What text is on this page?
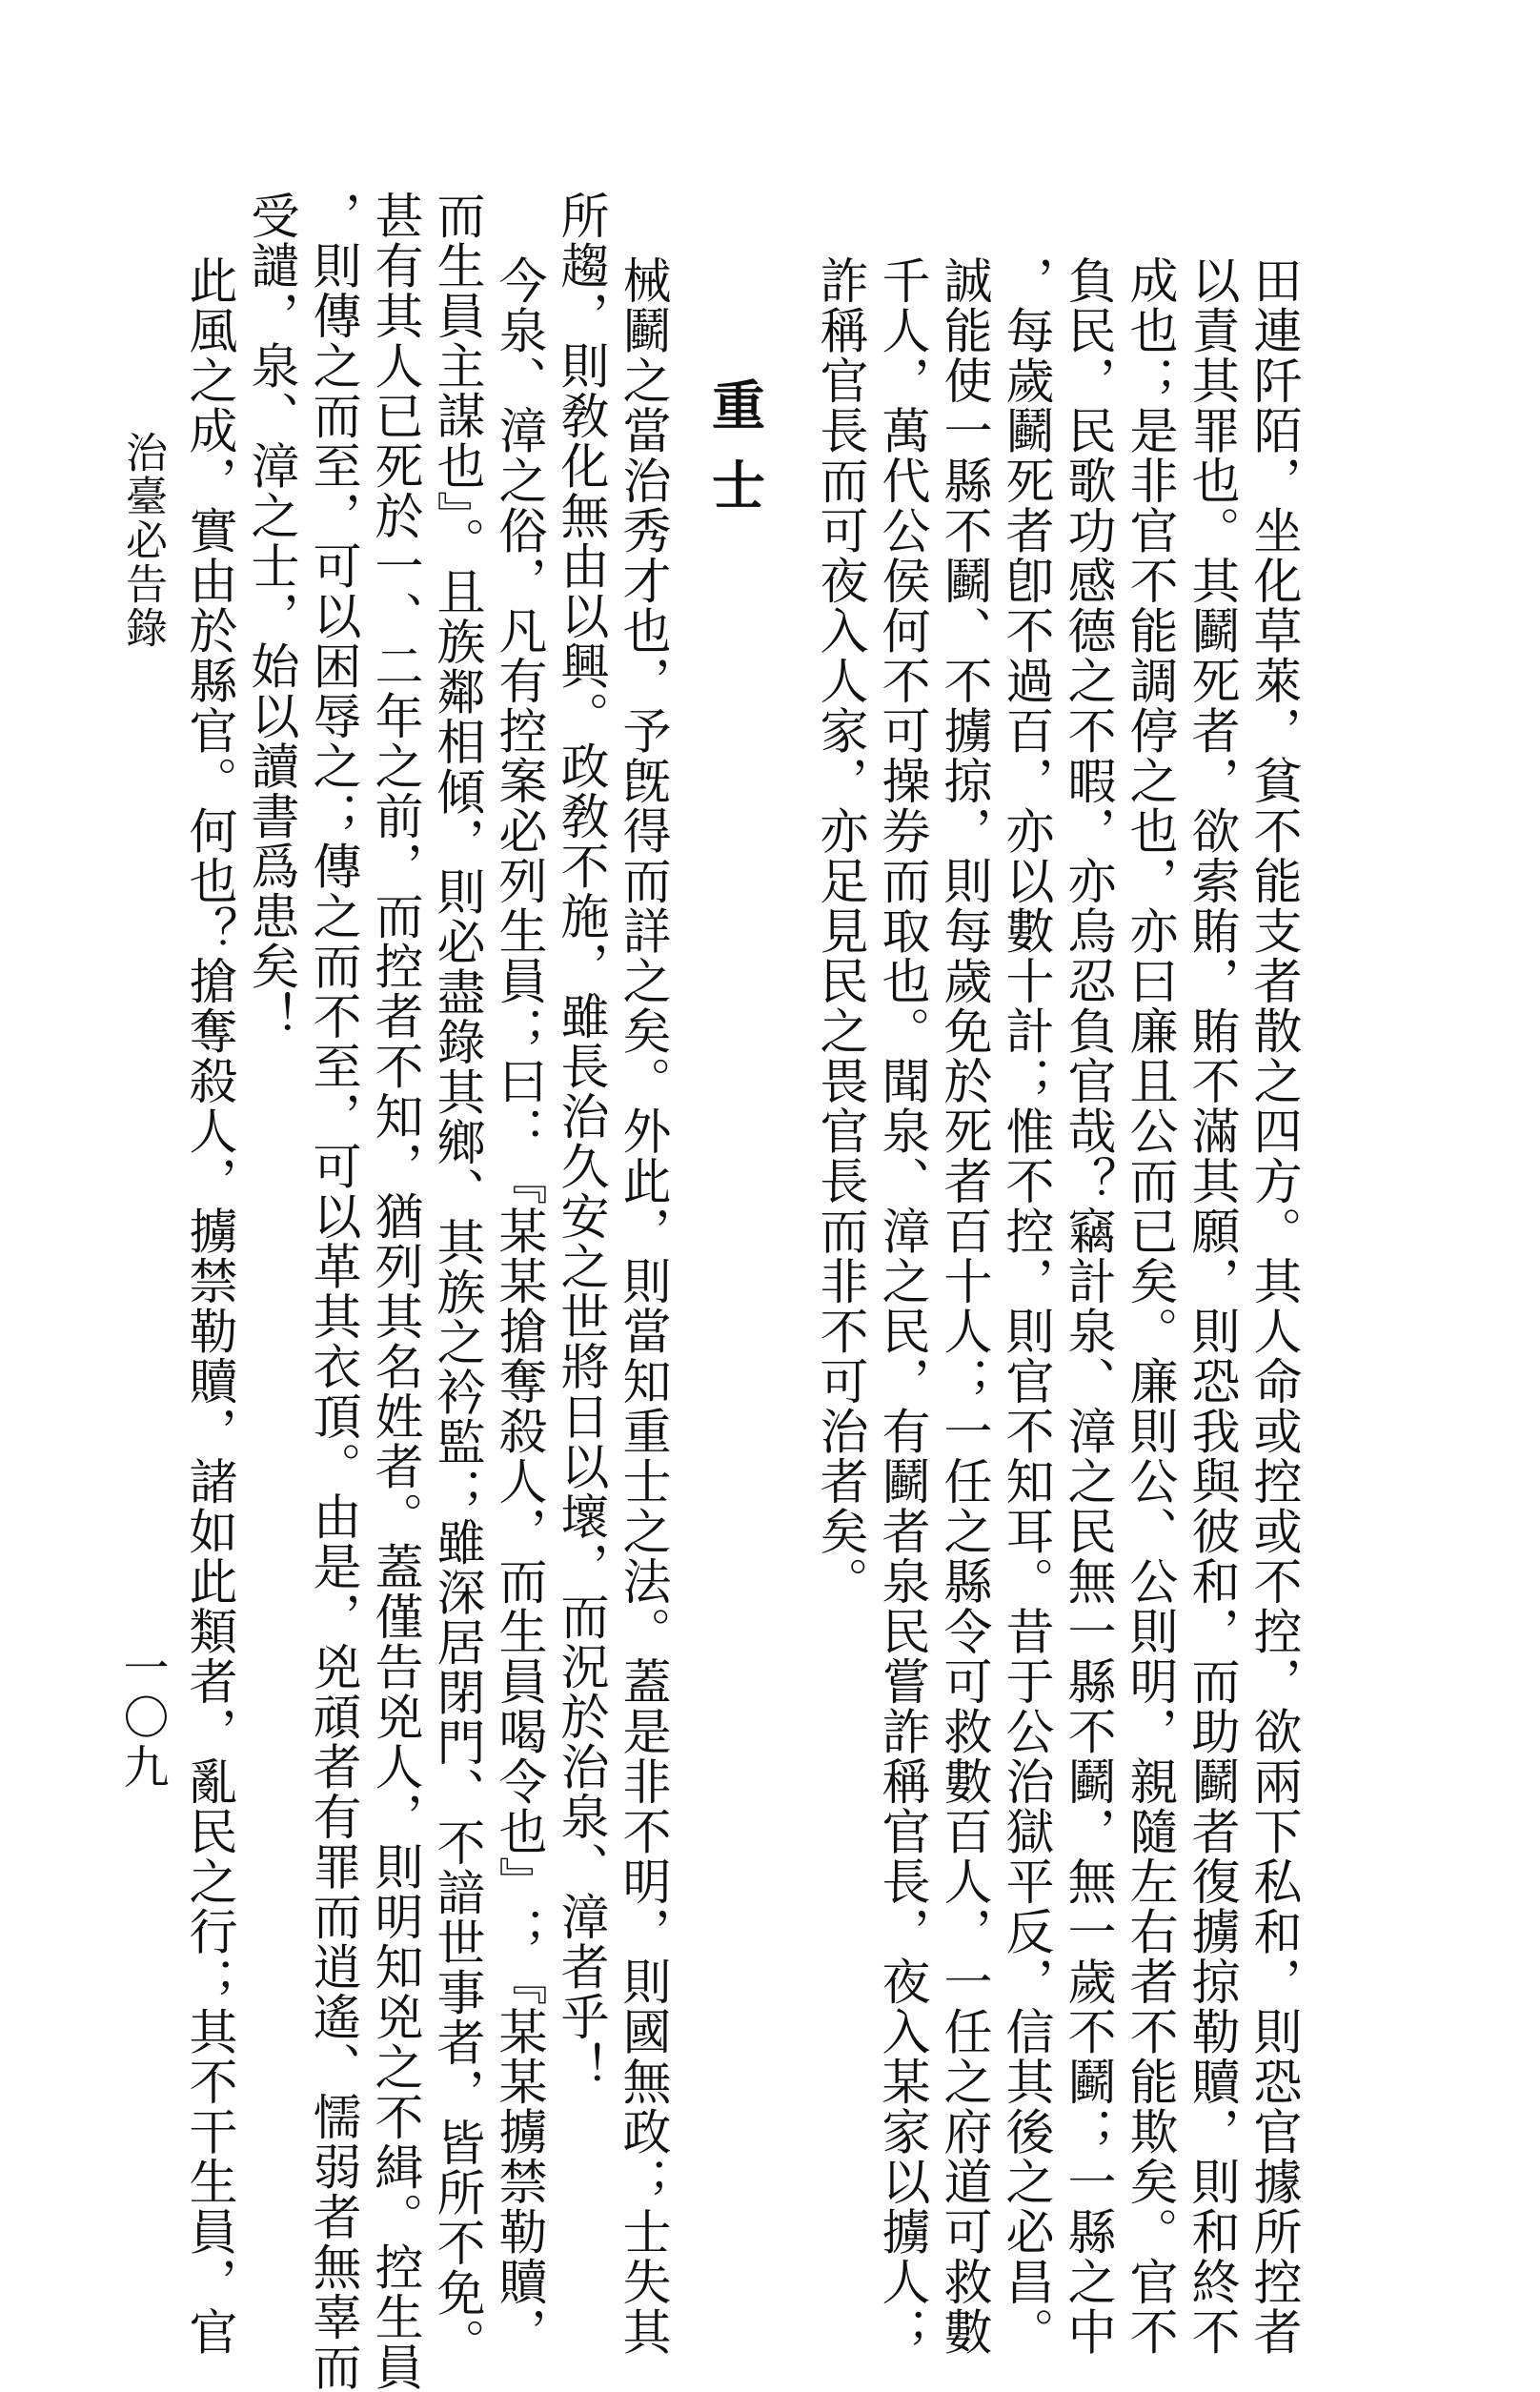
田連阡陌，坐化草萊，貧不能支者散之四方。其人命或控或不控，欲兩下私和，則恐官據所控者
以責其罪也。其鬬死者，欲索賄，賄不滿其願，則恐我與彼和，而助鬬者復擄掠勒贖，則和終不
成也；是非官不能調停之也，亦曰廉且公而已矣。廉則公、公則明，親隨左右者不能欺矣。官不
負民，民歌功感德之不暇，亦烏忍負官哉？竊計泉、漳之民無一縣不鬬，無一歲不鬬；一縣之中
，每歲鬬死者卽不過百，亦以數十計；惟不控，則官不知耳。昔于公治獄平反，信其後之必昌。
誠能使一縣不鬬、不擄掠，則每歲免於死者百十人；一任之縣令可救數百人，一任之府道可救數
千人，萬代公侯何不可操券而取也。聞泉、漳之民，有鬬者泉民嘗詐稱官長，夜入某家以擄人；
詐稱官長而可夜入人家，亦足見民之畏官長而非不可治者矣。
重士
械鬬之當治秀才也，予旣得而詳之矣。外此，則當知重士之法。蓋是非不明，則國無政；士失其
所趨，則敎化無由以興。政敎不施，雖長治久安之世將日以壞，而況於治泉、漳者乎！
今泉、漳之俗，凡有控案必列生員；曰：『某某搶奪殺人，而生員喝令也』；『某某擄禁勒贖，
而生員主謀也』。且族鄰相傾，則必盡錄其鄉、其族之衿監；雖深居閉門、不諳世事者，皆所不免。
甚有其人已死於一、二年之前，而控者不知，猶列其名姓者。蓋僅告兇人，則明知兇之不緝。控生員
，則傳之而至，可以困辱之；傳之而不至，可以革其衣頂。由是，兇頑者有罪而逍遙、懦弱者無辜而
受譴，泉、漳之士，始以讀書爲患矣！
此風之成，實由於縣官。何也？搶奪殺人，擄禁勒贖，諸如此類者，亂民之行；其不干生員，官
治臺必告錄
一〇九
